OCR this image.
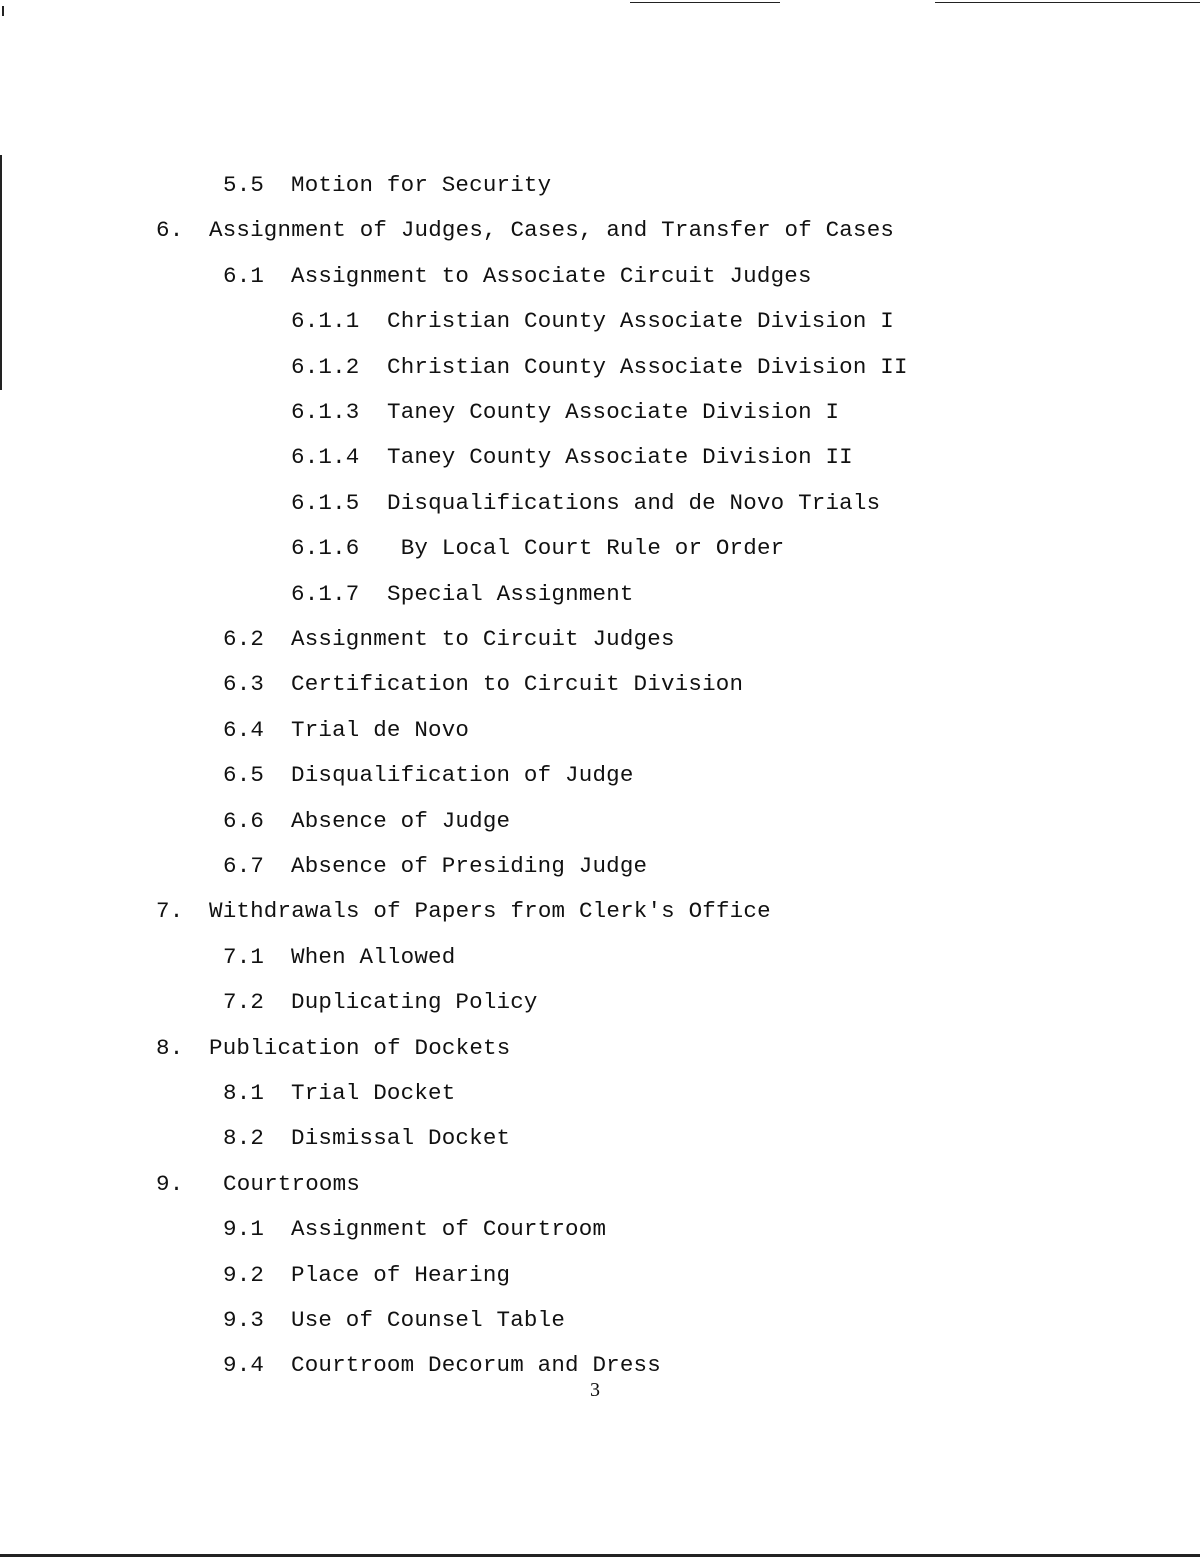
5.5 Motion for Security
6. Assignment of Judges, Cases, and Transfer of Cases
6.1 Assignment to Associate Circuit Judges
6.1.1 Christian County Associate Division I
6.1.2 Christian County Associate Division II
6.1.3 Taney County Associate Division I
6.1.4 Taney County Associate Division II
6.1.5 Disqualifications and de Novo Trials
6.1.6 By Local Court Rule or Order
6.1.7 Special Assignment
6.2 Assignment to Circuit Judges
6.3 Certification to Circuit Division
6.4 Trial de Novo
6.5 Disqualification of Judge
6.6 Absence of Judge
6.7 Absence of Presiding Judge
7. Withdrawals of Papers from Clerk's Office
7.1 When Allowed
7.2 Duplicating Policy
8. Publication of Dockets
8.1 Trial Docket
8.2 Dismissal Docket
9. Courtrooms
9.1 Assignment of Courtroom
9.2 Place of Hearing
9.3 Use of Counsel Table
9.4 Courtroom Decorum and Dress
3
